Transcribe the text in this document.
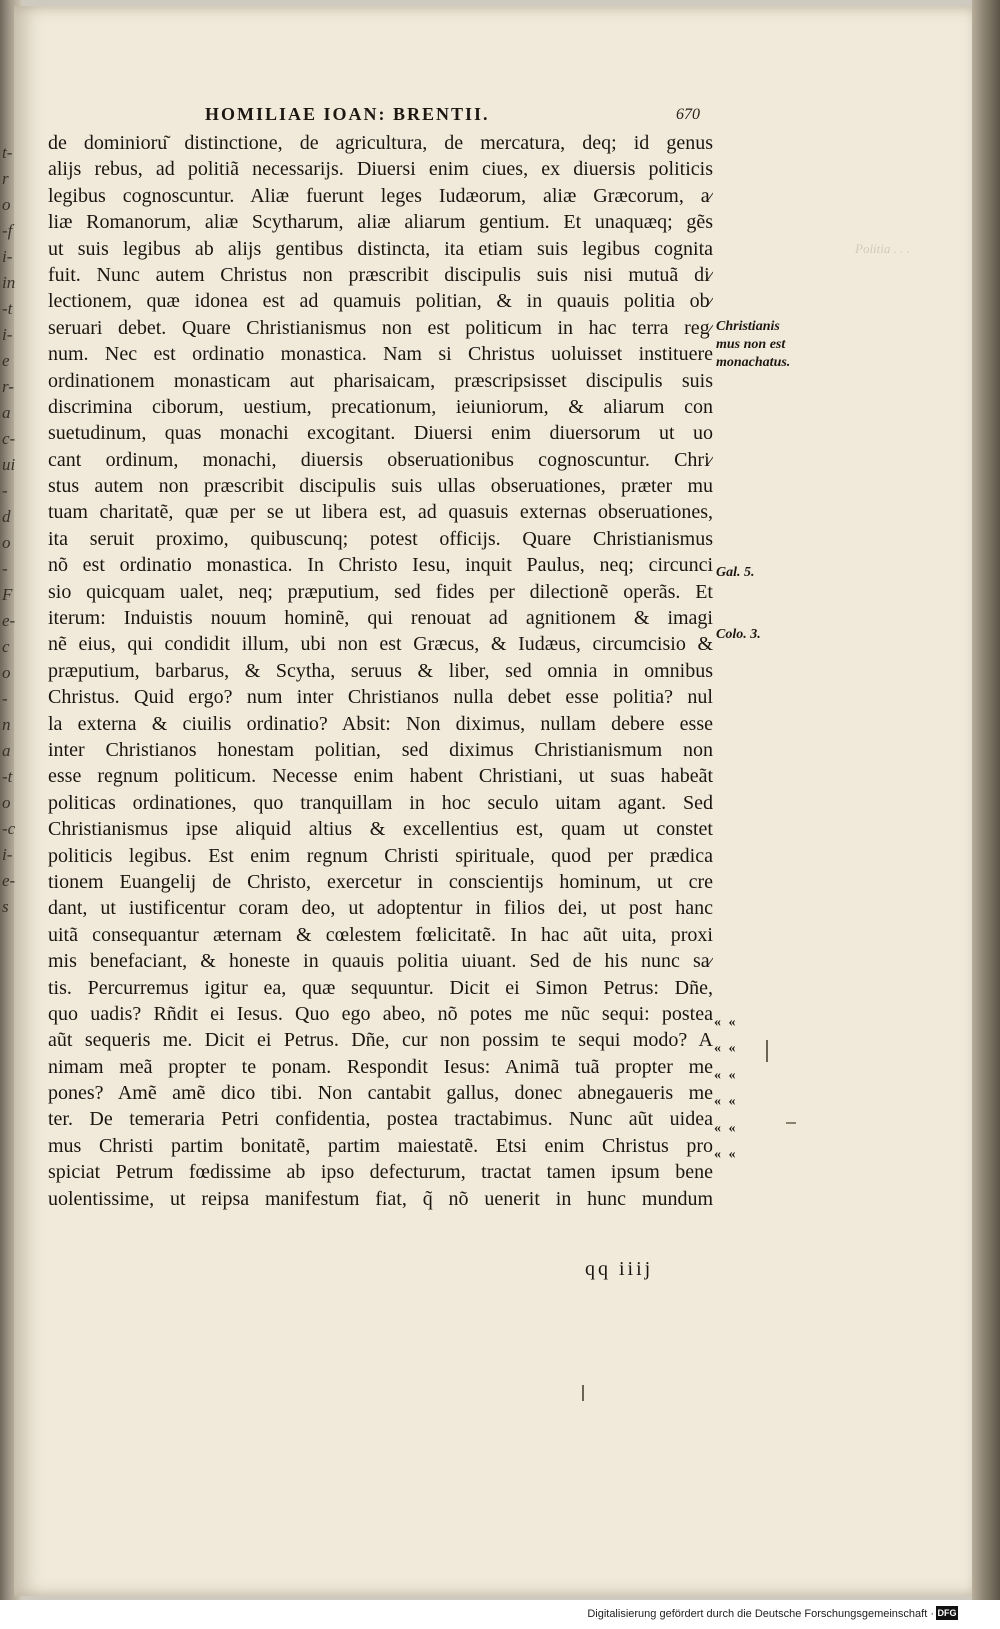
t-ro-fi-in-ti-er-ac-ui-do-Fe-co-na-to-ci-e-s
Politia . . .
HOMILIAE IOAN: BRENTII.	670
de dominioru͂ distinctione, de agricultura, de mercatura, deq; id genus
aliјs rebus, ad politiã necessarijs. Diuersi enim ciues, ex diuersis politicis
legibus cognoscuntur. Aliæ fuerunt leges Iudæorum, aliæ Græcorum, a⁄
liæ Romanorum, aliæ Scytharum, aliæ aliarum gentium. Et unaquæq; gẽs
ut suis legibus ab alijs gentibus distincta, ita etiam suis legibus cognita
fuit. Nunc autem Christus non præscribit discipulis suis nisi mutuã di⁄
lectionem, quæ idonea est ad quamuis politian, & in quauis politia ob⁄
seruari debet. Quare Christianismus non est politicum in hac terra reg⁄
num. Nec est ordinatio monastica. Nam si Christus uoluisset instituere
ordinationem monasticam aut pharisaicam, præscripsisset discipulis suis
discrimina ciborum, uestium, precationum, ieiuniorum, & aliarum con
suetudinum, quas monachi excogitant. Diuersi enim diuersorum ut uo
cant ordinum, monachi, diuersis obseruationibus cognoscuntur. Chri⁄
stus autem non præscribit discipulis suis ullas obseruationes, præter mu
tuam charitatẽ, quæ per se ut libera est, ad quasuis externas obseruationes,
ita seruit proximo, quibuscunq; potest officijs. Quare Christianismus
nõ est ordinatio monastica. In Christo Iesu, inquit Paulus, neq; circunci
sio quicquam ualet, neq; præputium, sed fides per dilectionẽ operãs. Et
iterum: Induistis nouum hominẽ, qui renouat ad agnitionem & imagi
nẽ eius, qui condidit illum, ubi non est Græcus, & Iudæus, circumcisio &
præputium, barbarus, & Scytha, seruus & liber, sed omnia in omnibus
Christus. Quid ergo? num inter Christianos nulla debet esse politia? nul
la externa & ciuilis ordinatio? Absit: Non diximus, nullam debere esse
inter Christianos honestam politian, sed diximus Christianismum non
esse regnum politicum. Necesse enim habent Christiani, ut suas habeãt
politicas ordinationes, quo tranquillam in hoc seculo uitam agant. Sed
Christianismus ipse aliquid altius & excellentius est, quam ut constet
politicis legibus. Est enim regnum Christi spirituale, quod per prædica
tionem Euangelij de Christo, exercetur in conscientijs hominum, ut cre
dant, ut iustificentur coram deo, ut adoptentur in filios dei, ut post hanc
uitã consequantur æternam & cœlestem fœlicitatẽ. In hac aũt uita, proxi
mis benefaciant, & honeste in quauis politia uiuant. Sed de his nunc sa⁄
tis. Percurremus igitur ea, quæ sequuntur. Dicit ei Simon Petrus: Dñe,
quo uadis? Rñdit ei Iesus. Quo ego abeo, nõ potes me nũc sequi: postea
aũt sequeris me. Dicit ei Petrus. Dñe, cur non possim te sequi modo? A
nimam meã propter te ponam. Respondit Iesus: Animã tuã propter me
pones? Amẽ amẽ dico tibi. Non cantabit gallus, donec abnegaueris me
ter. De temeraria Petri confidentia, postea tractabimus. Nunc aũt uidea
mus Christi partim bonitatẽ, partim maiestatẽ. Etsi enim Christus pro
spiciat Petrum fœdissime ab ipso defecturum, tractat tamen ipsum bene
uolentissime, ut reipsa manifestum fiat, q̃ nõ uenerit in hunc mundum
Christianis
mus non est
monachatus.
Gal. 5.
Colo. 3.
« «
« «
« «
« «
« «
« «
qq iiij
Digitalisierung gefördert durch die Deutsche Forschungsgemeinschaft · DFG
